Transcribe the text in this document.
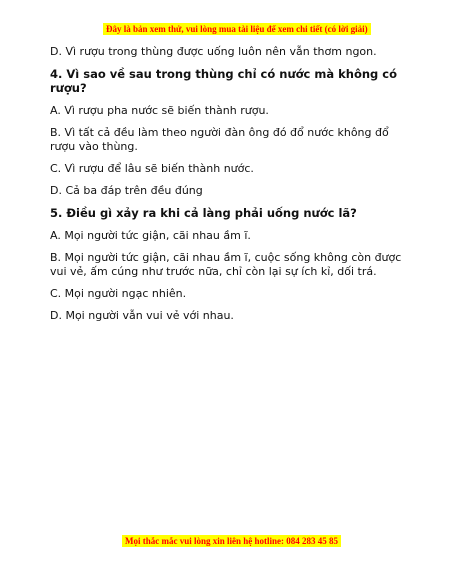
Đây là bản xem thử, vui lòng mua tài liệu để xem chi tiết (có lời giải)

D. Vì rượu trong thùng được uống luôn nên vẫn thơm ngon.

4. Vì sao về sau trong thùng chỉ có nước mà không có rượu?

A. Vì rượu pha nước sẽ biến thành rượu.

B. Vì tất cả đều làm theo người đàn ông đó đổ nước không đổ rượu vào thùng.

C. Vì rượu để lâu sẽ biến thành nước.

D. Cả ba đáp trên đều đúng

5. Điều gì xảy ra khi cả làng phải uống nước lã?

A. Mọi người tức giận, cãi nhau ầm ĩ.

B. Mọi người tức giận, cãi nhau ầm ĩ, cuộc sống không còn được vui vẻ, ấm cúng như trước nữa, chỉ còn lại sự ích kỉ, dối trá.

C. Mọi người ngạc nhiên.

D. Mọi người vẫn vui vẻ với nhau.

Mọi thắc mắc vui lòng xin liên hệ hotline: 084 283 45 85
